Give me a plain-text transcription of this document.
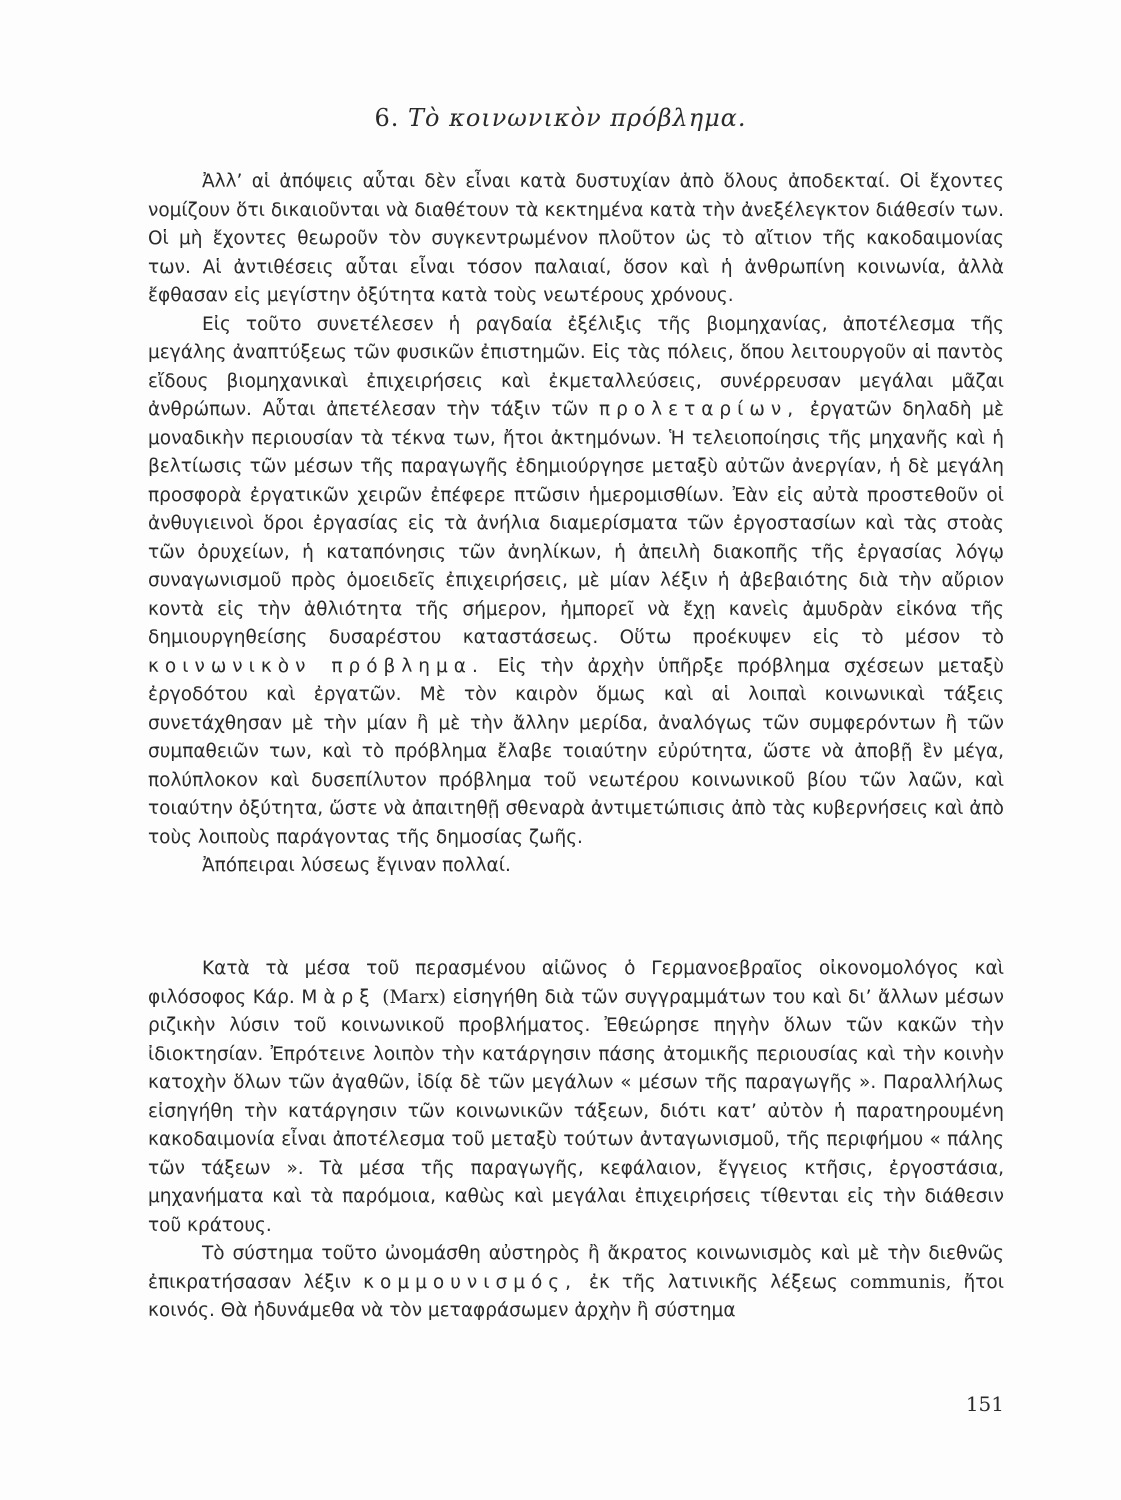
6. Τὸ κοινωνικὸν πρόβλημα.

Ἀλλ’ αἱ ἀπόψεις αὗται δὲν εἶναι κατὰ δυστυχίαν ἀπὸ ὅλους ἀποδεκταί. Οἱ ἔχοντες νομίζουν ὅτι δικαιοῦνται νὰ διαθέτουν τὰ κεκτημένα κατὰ τὴν ἀνεξέλεγκτον διάθεσίν των. Οἱ μὴ ἔχοντες θεωροῦν τὸν συγκεντρωμένον πλοῦτον ὡς τὸ αἴτιον τῆς κακοδαιμονίας των. Αἱ ἀντιθέσεις αὗται εἶναι τόσον παλαιαί, ὅσον καὶ ἡ ἀνθρωπίνη κοινωνία, ἀλλὰ ἔφθασαν εἰς μεγίστην ὀξύτητα κατὰ τοὺς νεωτέρους χρόνους.

Εἰς τοῦτο συνετέλεσεν ἡ ραγδαία ἐξέλιξις τῆς βιομηχανίας, ἀποτέλεσμα τῆς μεγάλης ἀναπτύξεως τῶν φυσικῶν ἐπιστημῶν. Εἰς τὰς πόλεις, ὅπου λειτουργοῦν αἱ παντὸς εἴδους βιομηχανικαὶ ἐπιχειρήσεις καὶ ἐκμεταλλεύσεις, συνέρρευσαν μεγάλαι μᾶζαι ἀνθρώπων. Αὗται ἀπετέλεσαν τὴν τάξιν τῶν προλεταρίων, ἐργατῶν δηλαδὴ μὲ μοναδικὴν περιουσίαν τὰ τέκνα των, ἤτοι ἀκτημόνων. Ἡ τελειοποίησις τῆς μηχανῆς καὶ ἡ βελτίωσις τῶν μέσων τῆς παραγωγῆς ἐδημιούργησε μεταξὺ αὐτῶν ἀνεργίαν, ἡ δὲ μεγάλη προσφορὰ ἐργατικῶν χειρῶν ἐπέφερε πτῶσιν ἡμερομισθίων. Ἐὰν εἰς αὐτὰ προστεθοῦν οἱ ἀνθυγιεινοὶ ὅροι ἐργασίας εἰς τὰ ἀνήλια διαμερίσματα τῶν ἐργοστασίων καὶ τὰς στοὰς τῶν ὀρυχείων, ἡ καταπόνησις τῶν ἀνηλίκων, ἡ ἀπειλὴ διακοπῆς τῆς ἐργασίας λόγῳ συναγωνισμοῦ πρὸς ὁμοειδεῖς ἐπιχειρήσεις, μὲ μίαν λέξιν ἡ ἀβεβαιότης διὰ τὴν αὔριον κοντὰ εἰς τὴν ἀθλιότητα τῆς σήμερον, ἠμπορεῖ νὰ ἔχῃ κανεὶς ἀμυδρὰν εἰκόνα τῆς δημιουργηθείσης δυσαρέστου καταστάσεως. Οὕτω προέκυψεν εἰς τὸ μέσον τὸ κοινωνικὸν πρόβλημα. Εἰς τὴν ἀρχὴν ὑπῆρξε πρόβλημα σχέσεων μεταξὺ ἐργοδότου καὶ ἐργατῶν. Μὲ τὸν καιρὸν ὅμως καὶ αἱ λοιπαὶ κοινωνικαὶ τάξεις συνετάχθησαν μὲ τὴν μίαν ἢ μὲ τὴν ἄλλην μερίδα, ἀναλόγως τῶν συμφερόντων ἢ τῶν συμπαθειῶν των, καὶ τὸ πρόβλημα ἔλαβε τοιαύτην εὐρύτητα, ὥστε νὰ ἀποβῇ ἓν μέγα, πολύπλοκον καὶ δυσεπίλυτον πρόβλημα τοῦ νεωτέρου κοινωνικοῦ βίου τῶν λαῶν, καὶ τοιαύτην ὀξύτητα, ὥστε νὰ ἀπαιτηθῇ σθεναρὰ ἀντιμετώπισις ἀπὸ τὰς κυβερνήσεις καὶ ἀπὸ τοὺς λοιποὺς παράγοντας τῆς δημοσίας ζωῆς.

Ἀπόπειραι λύσεως ἔγιναν πολλαί.

Κατὰ τὰ μέσα τοῦ περασμένου αἰῶνος ὁ Γερμανοεβραῖος οἰκονομολόγος καὶ φιλόσοφος Κάρ. Μὰρξ (Marx) εἰσηγήθη διὰ τῶν συγγραμμάτων του καὶ δι’ ἄλλων μέσων ριζικὴν λύσιν τοῦ κοινωνικοῦ προβλήματος. Ἐθεώρησε πηγὴν ὅλων τῶν κακῶν τὴν ἰδιοκτησίαν. Ἐπρότεινε λοιπὸν τὴν κατάργησιν πάσης ἀτομικῆς περιουσίας καὶ τὴν κοινὴν κατοχὴν ὅλων τῶν ἀγαθῶν, ἰδίᾳ δὲ τῶν μεγάλων « μέσων τῆς παραγωγῆς ». Παραλλήλως εἰσηγήθη τὴν κατάργησιν τῶν κοινωνικῶν τάξεων, διότι κατ’ αὐτὸν ἡ παρατηρουμένη κακοδαιμονία εἶναι ἀποτέλεσμα τοῦ μεταξὺ τούτων ἀνταγωνισμοῦ, τῆς περιφήμου « πάλης τῶν τάξεων ». Τὰ μέσα τῆς παραγωγῆς, κεφάλαιον, ἔγγειος κτῆσις, ἐργοστάσια, μηχανήματα καὶ τὰ παρόμοια, καθὼς καὶ μεγάλαι ἐπιχειρήσεις τίθενται εἰς τὴν διάθεσιν τοῦ κράτους.

Τὸ σύστημα τοῦτο ὠνομάσθη αὐστηρὸς ἢ ἄκρατος κοινωνισμὸς καὶ μὲ τὴν διεθνῶς ἐπικρατήσασαν λέξιν κομμουνισμός, ἐκ τῆς λατινικῆς λέξεως communis, ἤτοι κοινός. Θὰ ἠδυνάμεθα νὰ τὸν μεταφράσωμεν ἀρχὴν ἢ σύστημα

151
